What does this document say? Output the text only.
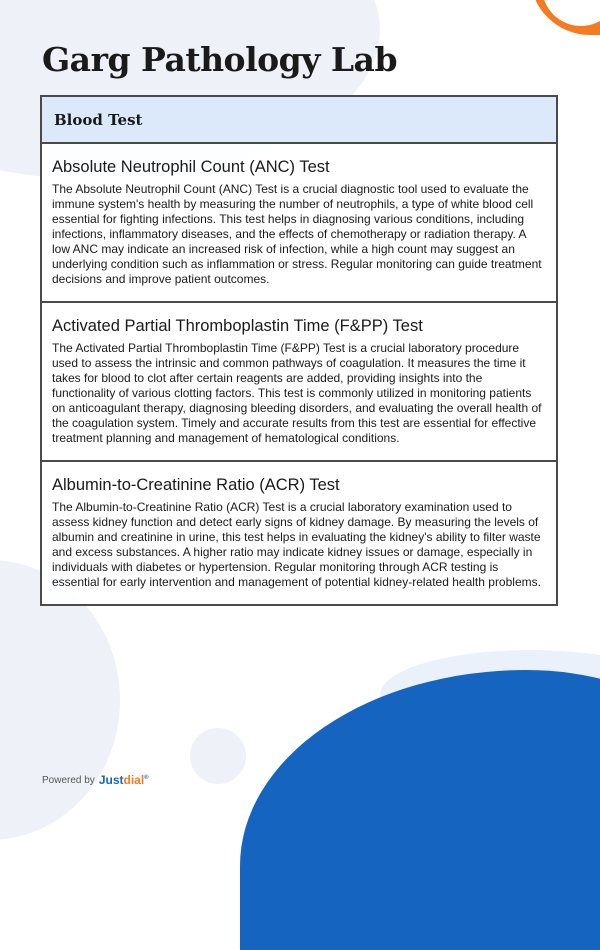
Garg Pathology Lab
Blood Test
Absolute Neutrophil Count (ANC) Test

The Absolute Neutrophil Count (ANC) Test is a crucial diagnostic tool used to evaluate the immune system's health by measuring the number of neutrophils, a type of white blood cell essential for fighting infections. This test helps in diagnosing various conditions, including infections, inflammatory diseases, and the effects of chemotherapy or radiation therapy. A low ANC may indicate an increased risk of infection, while a high count may suggest an underlying condition such as inflammation or stress. Regular monitoring can guide treatment decisions and improve patient outcomes.

Activated Partial Thromboplastin Time (F&PP) Test

The Activated Partial Thromboplastin Time (F&PP) Test is a crucial laboratory procedure used to assess the intrinsic and common pathways of coagulation. It measures the time it takes for blood to clot after certain reagents are added, providing insights into the functionality of various clotting factors. This test is commonly utilized in monitoring patients on anticoagulant therapy, diagnosing bleeding disorders, and evaluating the overall health of the coagulation system. Timely and accurate results from this test are essential for effective treatment planning and management of hematological conditions.

Albumin-to-Creatinine Ratio (ACR) Test

The Albumin-to-Creatinine Ratio (ACR) Test is a crucial laboratory examination used to assess kidney function and detect early signs of kidney damage. By measuring the levels of albumin and creatinine in urine, this test helps in evaluating the kidney's ability to filter waste and excess substances. A higher ratio may indicate kidney issues or damage, especially in individuals with diabetes or hypertension. Regular monitoring through ACR testing is essential for early intervention and management of potential kidney-related health problems.

Powered by Justdial®
